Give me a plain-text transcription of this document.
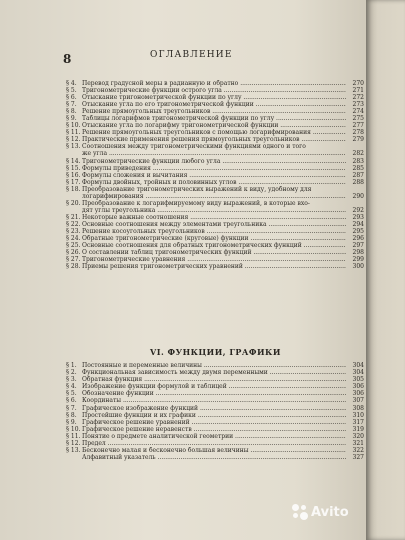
8	ОГЛАВЛЕНИЕ
§ 4. Перевод градусной меры в радианную и обратно .....	270
§ 5. Тригонометрические функции острого угла .....	271
§ 6. Отыскание тригонометрической функции по углу .....	272
§ 7. Отыскание угла по его тригонометрической функции .....	273
§ 8. Решение прямоугольных треугольников .....	274
§ 9. Таблицы логарифмов тригонометрической функции по углу .....	275
§ 10. Отыскание угла по логарифму тригонометрической функции .....	277
§ 11. Решение прямоугольных треугольников с помощью логарифмирования .....	278
§ 12. Практические применения решения прямоугольных треугольников .....	279
§ 13. Соотношения между тригонометрическими функциями одного и того
же угла .....	282
§ 14. Тригонометрические функции любого угла .....	283
§ 15. Формулы приведения .....	285
§ 16. Формулы сложения и вычитания .....	287
§ 17. Формулы двойных, тройных и половинных углов .....	288
§ 18. Преобразование тригонометрических выражений к виду, удобному для
логарифмирования .....	290
§ 20. Преобразование к логарифмируемому виду выражений, в которые вхо-
дят углы треугольника .....	292
§ 21. Некоторые важные соотношения .....	293
§ 22. Основные соотношения между элементами треугольника .....	294
§ 23. Решение косоугольных треугольников .....	295
§ 24. Обратные тригонометрические (круговые) функции .....	296
§ 25. Основные соотношения для обратных тригонометрических функций .....	297
§ 26. О составлении таблиц тригонометрических функций .....	298
§ 27. Тригонометрические уравнения .....	299
§ 28. Приемы решения тригонометрических уравнений .....	300
VI. ФУНКЦИИ, ГРАФИКИ
§ 1. Постоянные и переменные величины .....	304
§ 2. Функциональная зависимость между двумя переменными .....	304
§ 3. Обратная функция .....	305
§ 4. Изображение функции формулой и таблицей .....	306
§ 5. Обозначение функции .....	306
§ 6. Координаты .....	307
§ 7. Графическое изображение функций .....	308
§ 8. Простейшие функции и их графики .....	310
§ 9. Графическое решение уравнений .....	317
§ 10. Графическое решение неравенств .....	319
§ 11. Понятие о предмете аналитической геометрии .....	320
§ 12. Предел .....	321
§ 13. Бесконечно малая и бесконечно большая величины .....	322
Алфавитный указатель .....	327
Avito
